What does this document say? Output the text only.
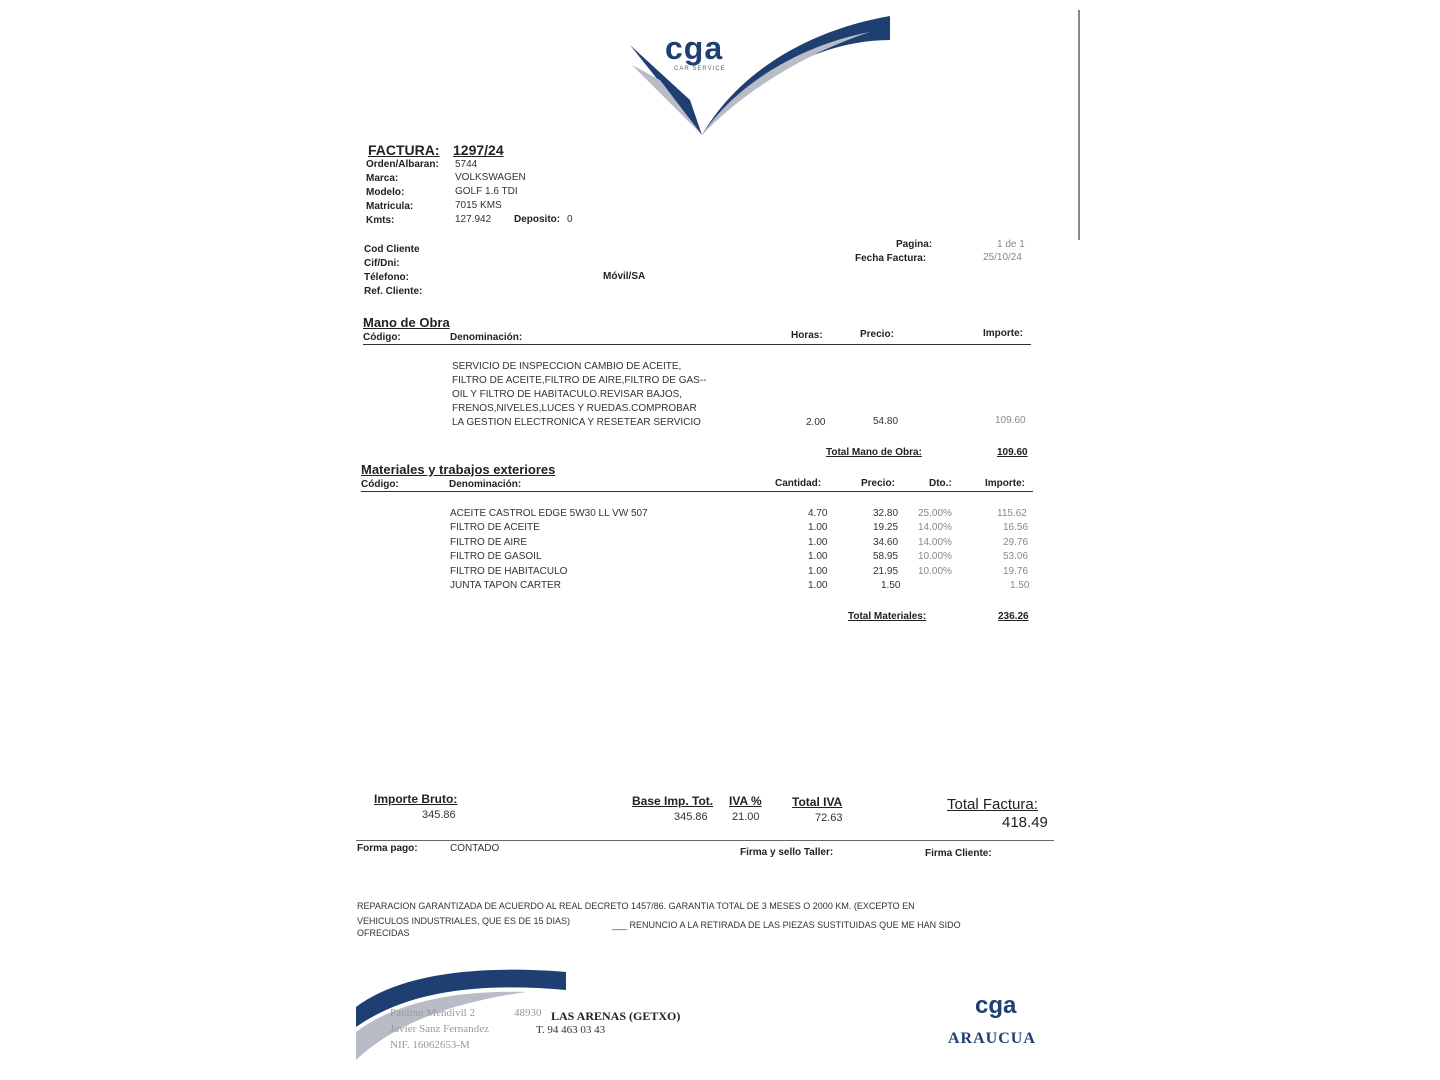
cga
CAR SERVICE
FACTURA: 1297/24
Orden/Albaran: 5744
Marca:	VOLKSWAGEN
Modelo:	GOLF 1.6 TDI
Matricula:	7015 KMS
Kmts:	127.942 Deposito: 0
Cod Cliente
Cif/Dni:
Télefono:
Ref. Cliente:
Móvil/SA
Pagina:	1 de 1
Fecha Factura:	25/10/24
Mano de Obra
Código:	Denominación:	Horas:	Precio:	Importe:
SERVICIO DE INSPECCION CAMBIO DE ACEITE,
FILTRO DE ACEITE,FILTRO DE AIRE,FILTRO DE GAS--
OIL Y FILTRO DE HABITACULO.REVISAR BAJOS,
FRENOS,NIVELES,LUCES Y RUEDAS.COMPROBAR
LA GESTION ELECTRONICA Y RESETEAR SERVICIO	2.00	54.80	109.60
Total Mano de Obra:	109.60
Materiales y trabajos exteriores
Código:	Denominación:	Cantidad:	Precio:	Dto.:	Importe:
ACEITE CASTROL EDGE 5W30 LL VW 507	4.70	32.80 25.00%	115.62
FILTRO DE ACEITE	1.00	19.25 14.00%	16.56
FILTRO DE AIRE	1.00	34.60 14.00%	29.76
FILTRO DE GASOIL	1.00	58.95 10.00%	53.06
FILTRO DE HABITACULO	1.00	21.95 10.00%	19.76
JUNTA TAPON CARTER	1.00	1.50	1.50
Total Materiales:	236.26
Importe Bruto:
345.86
Base Imp. Tot.
345.86
IVA %
21.00
Total IVA
72.63
Total Factura:
418.49
Forma pago:	CONTADO	Firma y sello Taller:	Firma Cliente:
REPARACION GARANTIZADA DE ACUERDO AL REAL DECRETO 1457/86. GARANTIA TOTAL DE 3 MESES O 2000 KM. (EXCEPTO EN
VEHICULOS INDUSTRIALES, QUE ES DE 15 DIAS)	___ RENUNCIO A LA RETIRADA DE LAS PIEZAS SUSTITUIDAS QUE ME HAN SIDO
OFRECIDAS
Paulino Mendivil 2	48930 LAS ARENAS (GETXO)
Javier Sanz Fernandez	T. 94 463 03 43
NIF. 16062653-M
cga
ARAUCUA
